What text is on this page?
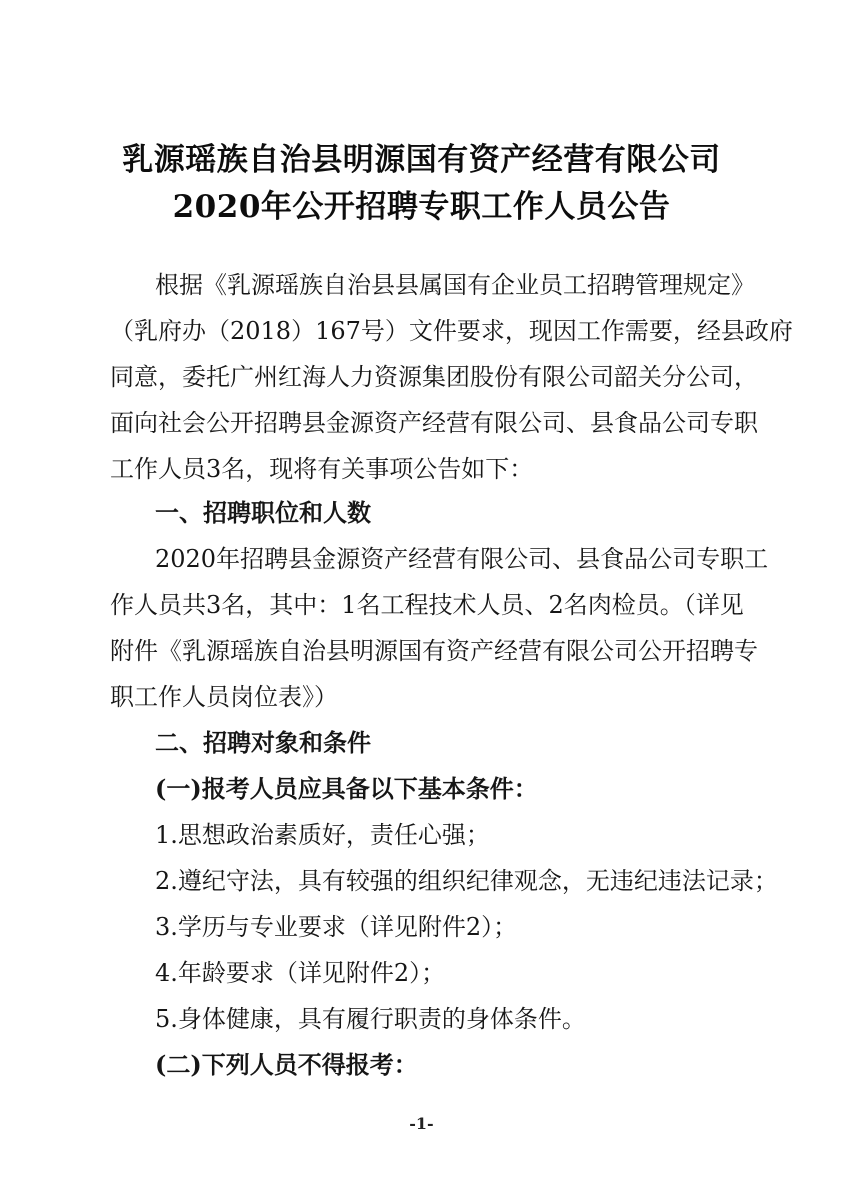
乳源瑶族自治县明源国有资产经营有限公司
2020年公开招聘专职工作人员公告
根据《乳源瑶族自治县县属国有企业员工招聘管理规定》
（乳府办（2018）167号）文件要求，现因工作需要，经县政府
同意，委托广州红海人力资源集团股份有限公司韶关分公司，
面向社会公开招聘县金源资产经营有限公司、县食品公司专职
工作人员3名，现将有关事项公告如下：
一、招聘职位和人数
2020年招聘县金源资产经营有限公司、县食品公司专职工
作人员共3名，其中：1名工程技术人员、2名肉检员。（详见
附件《乳源瑶族自治县明源国有资产经营有限公司公开招聘专
职工作人员岗位表》）
二、招聘对象和条件
(一)报考人员应具备以下基本条件：
1.思想政治素质好，责任心强；
2.遵纪守法，具有较强的组织纪律观念，无违纪违法记录；
3.学历与专业要求（详见附件2）；
4.年龄要求（详见附件2）；
5.身体健康，具有履行职责的身体条件。
(二)下列人员不得报考：
-1-
